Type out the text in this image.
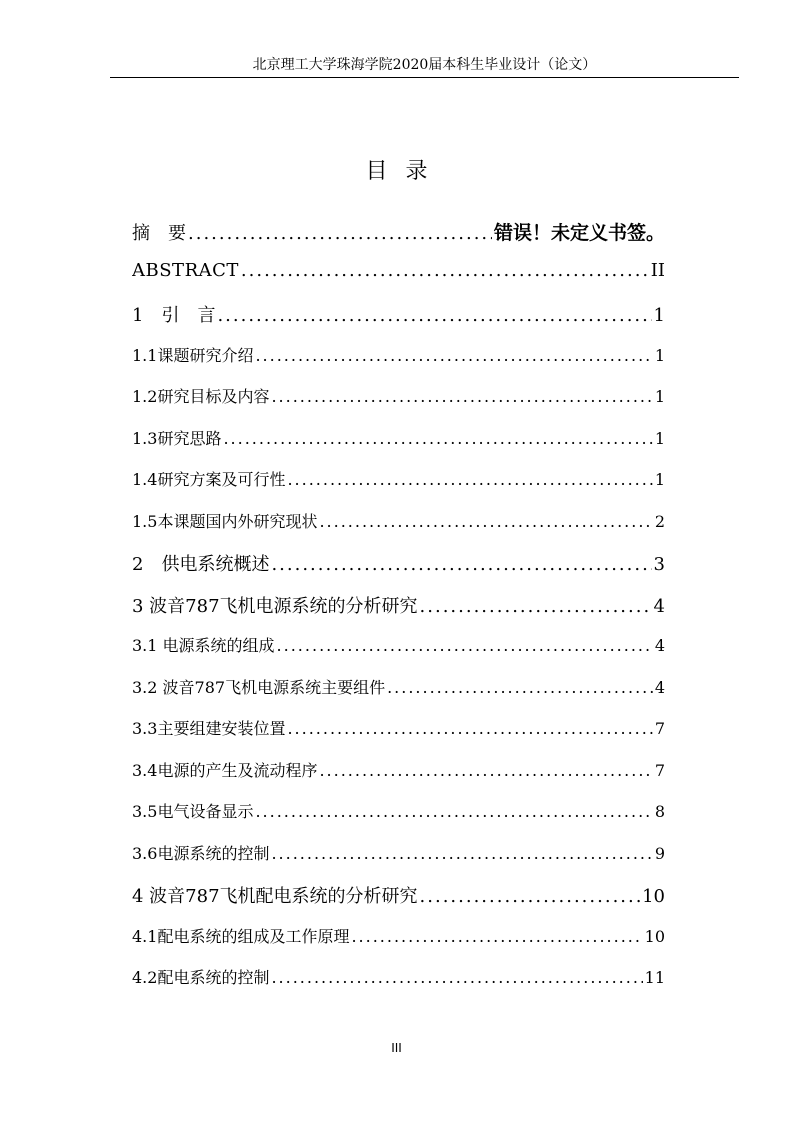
北京理工大学珠海学院2020届本科生毕业设计（论文）
目录
摘　要 .....	错误！未定义书签。
ABSTRACT .....	II
1　引　言 .....	1
1.1课题研究介绍 .....	1
1.2研究目标及内容 .....	1
1.3研究思路 .....	1
1.4研究方案及可行性 .....	1
1.5本课题国内外研究现状 .....	2
2　供电系统概述 .....	3
3 波音787飞机电源系统的分析研究 .....	4
3.1 电源系统的组成 .....	4
3.2 波音787飞机电源系统主要组件 .....	4
3.3主要组建安装位置 .....	7
3.4电源的产生及流动程序 .....	7
3.5电气设备显示 .....	8
3.6电源系统的控制 .....	9
4 波音787飞机配电系统的分析研究 .....	10
4.1配电系统的组成及工作原理 .....	10
4.2配电系统的控制 .....	11
III
